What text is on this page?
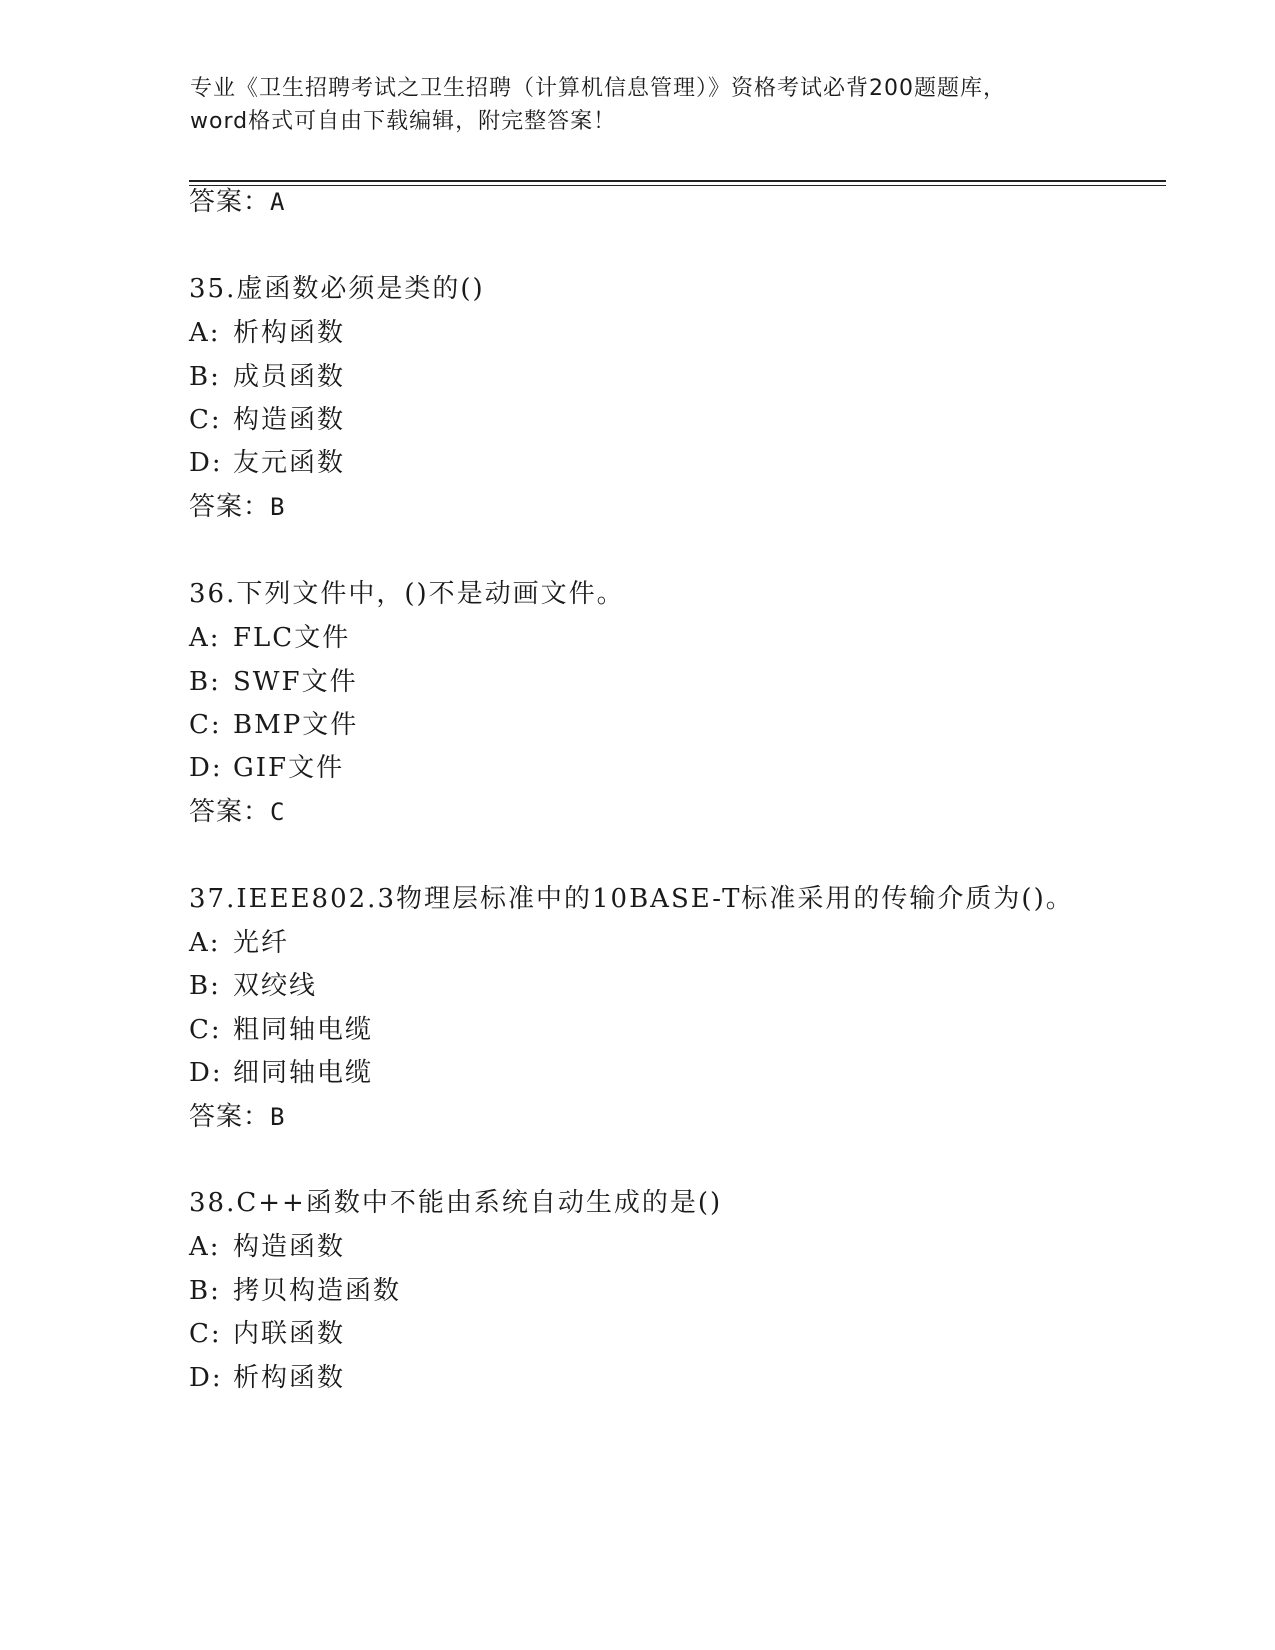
专业《卫生招聘考试之卫生招聘（计算机信息管理）》资格考试必背200题题库，
word格式可自由下载编辑，附完整答案！
答案：A
35.虚函数必须是类的()
A: 析构函数
B: 成员函数
C: 构造函数
D: 友元函数
答案：B
36.下列文件中，()不是动画文件。
A: FLC文件
B: SWF文件
C: BMP文件
D: GIF文件
答案：C
37.IEEE802.3物理层标准中的10BASE-T标准采用的传输介质为()。
A: 光纤
B: 双绞线
C: 粗同轴电缆
D: 细同轴电缆
答案：B
38.C++函数中不能由系统自动生成的是()
A: 构造函数
B: 拷贝构造函数
C: 内联函数
D: 析构函数
